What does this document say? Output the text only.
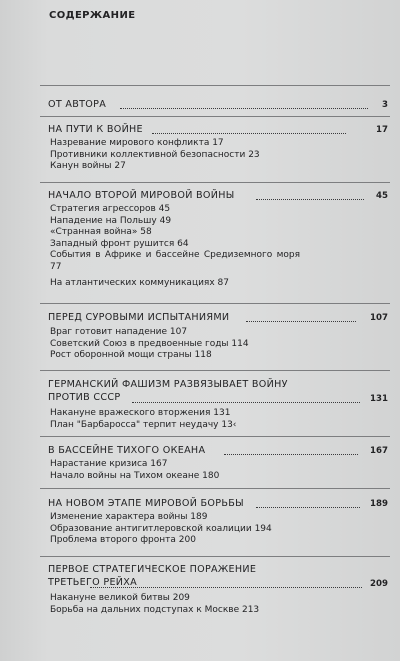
СОДЕРЖАНИЕ
ОТ АВТОРА	3
НА ПУТИ К ВОЙНЕ	17
Назревание мирового конфликта 17
Противники коллективной безопасности 23
Канун войны 27
НАЧАЛО ВТОРОЙ МИРОВОЙ ВОЙНЫ	45
Стратегия агрессоров 45
Нападение на Польшу 49
«Странная война» 58
Западный фронт рушится 64
События в Африке и бассейне Средиземного моря 77
На атлантических коммуникациях 87
ПЕРЕД СУРОВЫМИ ИСПЫТАНИЯМИ	107
Враг готовит нападение 107
Советский Союз в предвоенные годы 114
Рост оборонной мощи страны 118
ГЕРМАНСКИЙ ФАШИЗМ РАЗВЯЗЫВАЕТ ВОЙНУ ПРОТИВ СССР	131
Накануне вражеского вторжения 131
План "Барбаросса" терпит неудачу 13‹
В БАССЕЙНЕ ТИХОГО ОКЕАНА	167
Нарастание кризиса 167
Начало войны на Тихом океане 180
НА НОВОМ ЭТАПЕ МИРОВОЙ БОРЬБЫ	189
Изменение характера войны 189
Образование антигитлеровской коалиции 194
Проблема второго фронта 200
ПЕРВОЕ СТРАТЕГИЧЕСКОЕ ПОРАЖЕНИЕ ТРЕТЬЕГО РЕЙХА	209
Накануне великой битвы 209
Борьба на дальних подступах к Москве 213
